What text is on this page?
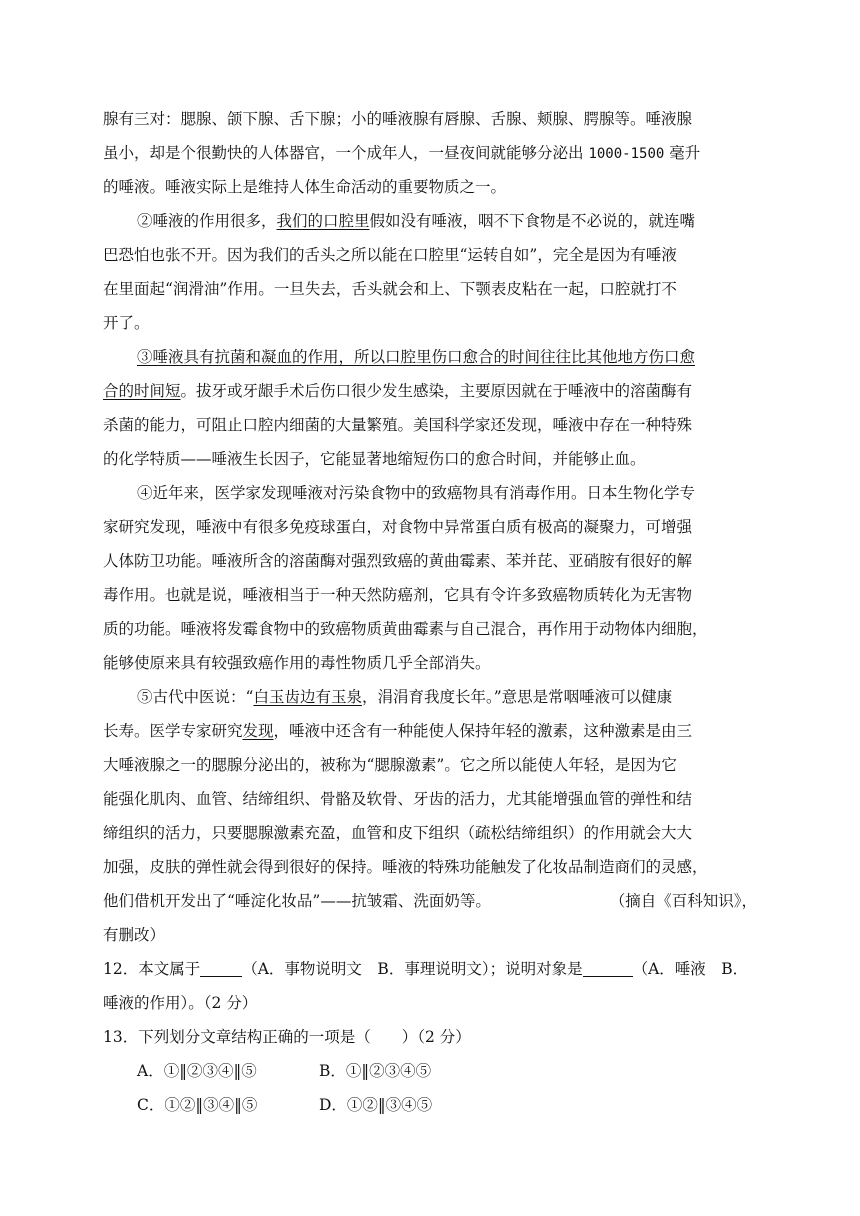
腺有三对：腮腺、颌下腺、舌下腺；小的唾液腺有唇腺、舌腺、颊腺、腭腺等。唾液腺
虽小，却是个很勤快的人体器官，一个成年人，一昼夜间就能够分泌出 1000-1500 毫升
的唾液。唾液实际上是维持人体生命活动的重要物质之一。
②唾液的作用很多，我们的口腔里假如没有唾液，咽不下食物是不必说的，就连嘴
巴恐怕也张不开。因为我们的舌头之所以能在口腔里“运转自如”，完全是因为有唾液
在里面起“润滑油”作用。一旦失去，舌头就会和上、下颚表皮粘在一起，口腔就打不
开了。
③唾液具有抗菌和凝血的作用，所以口腔里伤口愈合的时间往往比其他地方伤口愈
合的时间短。拔牙或牙龈手术后伤口很少发生感染，主要原因就在于唾液中的溶菌酶有
杀菌的能力，可阻止口腔内细菌的大量繁殖。美国科学家还发现，唾液中存在一种特殊
的化学特质——唾液生长因子，它能显著地缩短伤口的愈合时间，并能够止血。
④近年来，医学家发现唾液对污染食物中的致癌物具有消毒作用。日本生物化学专
家研究发现，唾液中有很多免疫球蛋白，对食物中异常蛋白质有极高的凝聚力，可增强
人体防卫功能。唾液所含的溶菌酶对强烈致癌的黄曲霉素、苯并芘、亚硝胺有很好的解
毒作用。也就是说，唾液相当于一种天然防癌剂，它具有令许多致癌物质转化为无害物
质的功能。唾液将发霉食物中的致癌物质黄曲霉素与自己混合，再作用于动物体内细胞，
能够使原来具有较强致癌作用的毒性物质几乎全部消失。
⑤古代中医说：“白玉齿边有玉泉，涓涓育我度长年。”意思是常咽唾液可以健康
长寿。医学专家研究发现，唾液中还含有一种能使人保持年轻的激素，这种激素是由三
大唾液腺之一的腮腺分泌出的，被称为“腮腺激素”。它之所以能使人年轻，是因为它
能强化肌肉、血管、结缔组织、骨骼及软骨、牙齿的活力，尤其能增强血管的弹性和结
缔组织的活力，只要腮腺激素充盈，血管和皮下组织（疏松结缔组织）的作用就会大大
加强，皮肤的弹性就会得到很好的保持。唾液的特殊功能触发了化妆品制造商们的灵感，
他们借机开发出了“唾淀化妆品”——抗皱霜、洗面奶等。	（摘自《百科知识》，
有删改）
12．本文属于	（A．事物说明文　B．事理说明文）；说明对象是	（A．唾液　B．
唾液的作用）。（2 分）
13．下列划分文章结构正确的一项是（　　）（2 分）
A．①‖②③④‖⑤	B．①‖②③④⑤
C．①②‖③④‖⑤	D．①②‖③④⑤
